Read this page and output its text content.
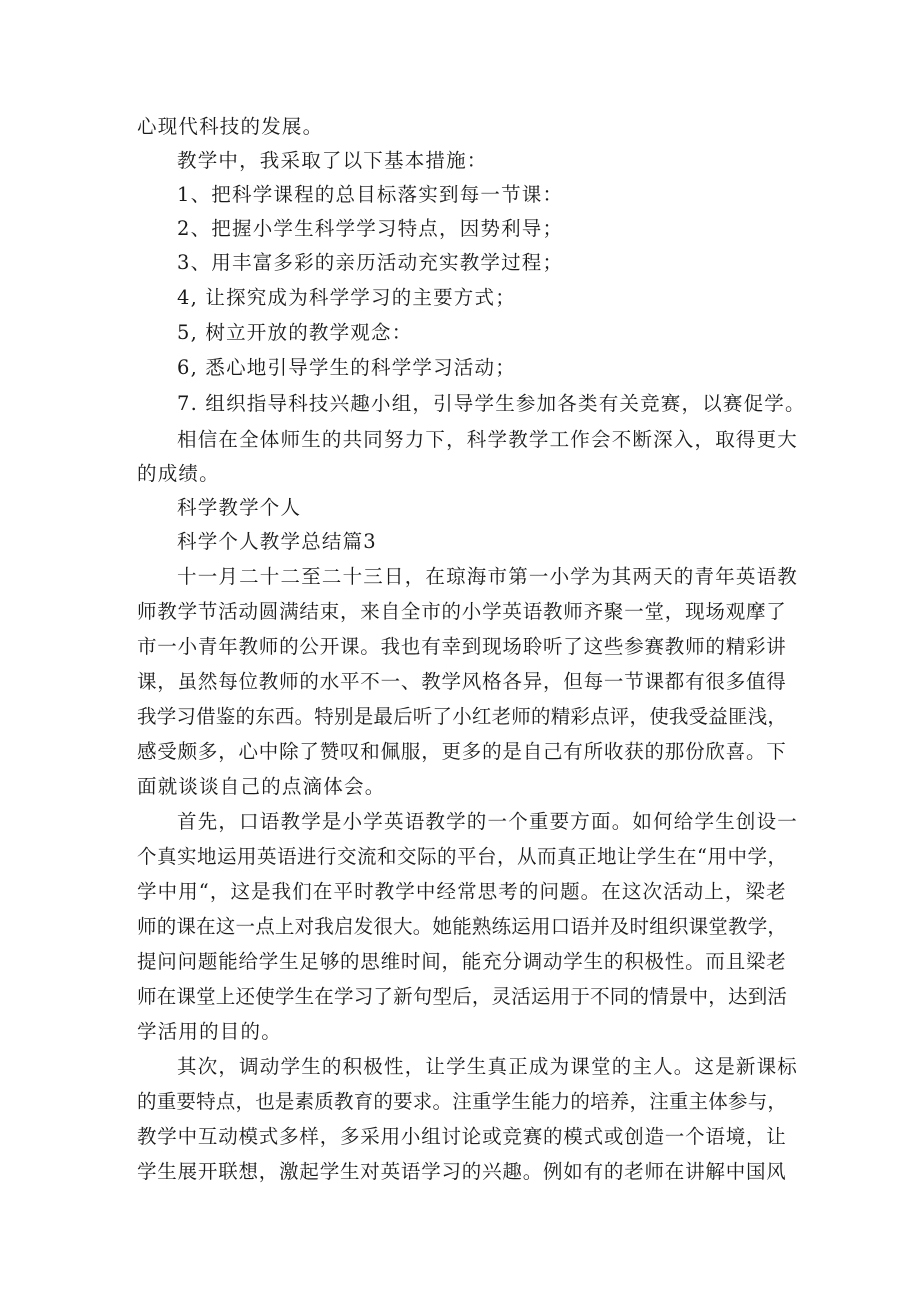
心现代科技的发展。
教学中，我采取了以下基本措施：
1、把科学课程的总目标落实到每一节课：
2、把握小学生科学学习特点，因势利导；
3、用丰富多彩的亲历活动充实教学过程；
4, 让探究成为科学学习的主要方式；
5, 树立开放的教学观念：
6, 悉心地引导学生的科学学习活动；
7. 组织指导科技兴趣小组，引导学生参加各类有关竞赛，以赛促学。
相信在全体师生的共同努力下，科学教学工作会不断深入，取得更大
的成绩。
科学教学个人
科学个人教学总结篇3
十一月二十二至二十三日，在琼海市第一小学为其两天的青年英语教
师教学节活动圆满结束，来自全市的小学英语教师齐聚一堂，现场观摩了
市一小青年教师的公开课。我也有幸到现场聆听了这些参赛教师的精彩讲
课，虽然每位教师的水平不一、教学风格各异，但每一节课都有很多值得
我学习借鉴的东西。特别是最后听了小红老师的精彩点评，使我受益匪浅，
感受颇多，心中除了赞叹和佩服，更多的是自己有所收获的那份欣喜。下
面就谈谈自己的点滴体会。
首先，口语教学是小学英语教学的一个重要方面。如何给学生创设一
个真实地运用英语进行交流和交际的平台，从而真正地让学生在“用中学，
学中用“，这是我们在平时教学中经常思考的问题。在这次活动上，梁老
师的课在这一点上对我启发很大。她能熟练运用口语并及时组织课堂教学，
提问问题能给学生足够的思维时间，能充分调动学生的积极性。而且梁老
师在课堂上还使学生在学习了新句型后，灵活运用于不同的情景中，达到活
学活用的目的。
其次，调动学生的积极性，让学生真正成为课堂的主人。这是新课标
的重要特点，也是素质教育的要求。注重学生能力的培养，注重主体参与，
教学中互动模式多样，多采用小组讨论或竞赛的模式或创造一个语境，让
学生展开联想，激起学生对英语学习的兴趣。例如有的老师在讲解中国风
